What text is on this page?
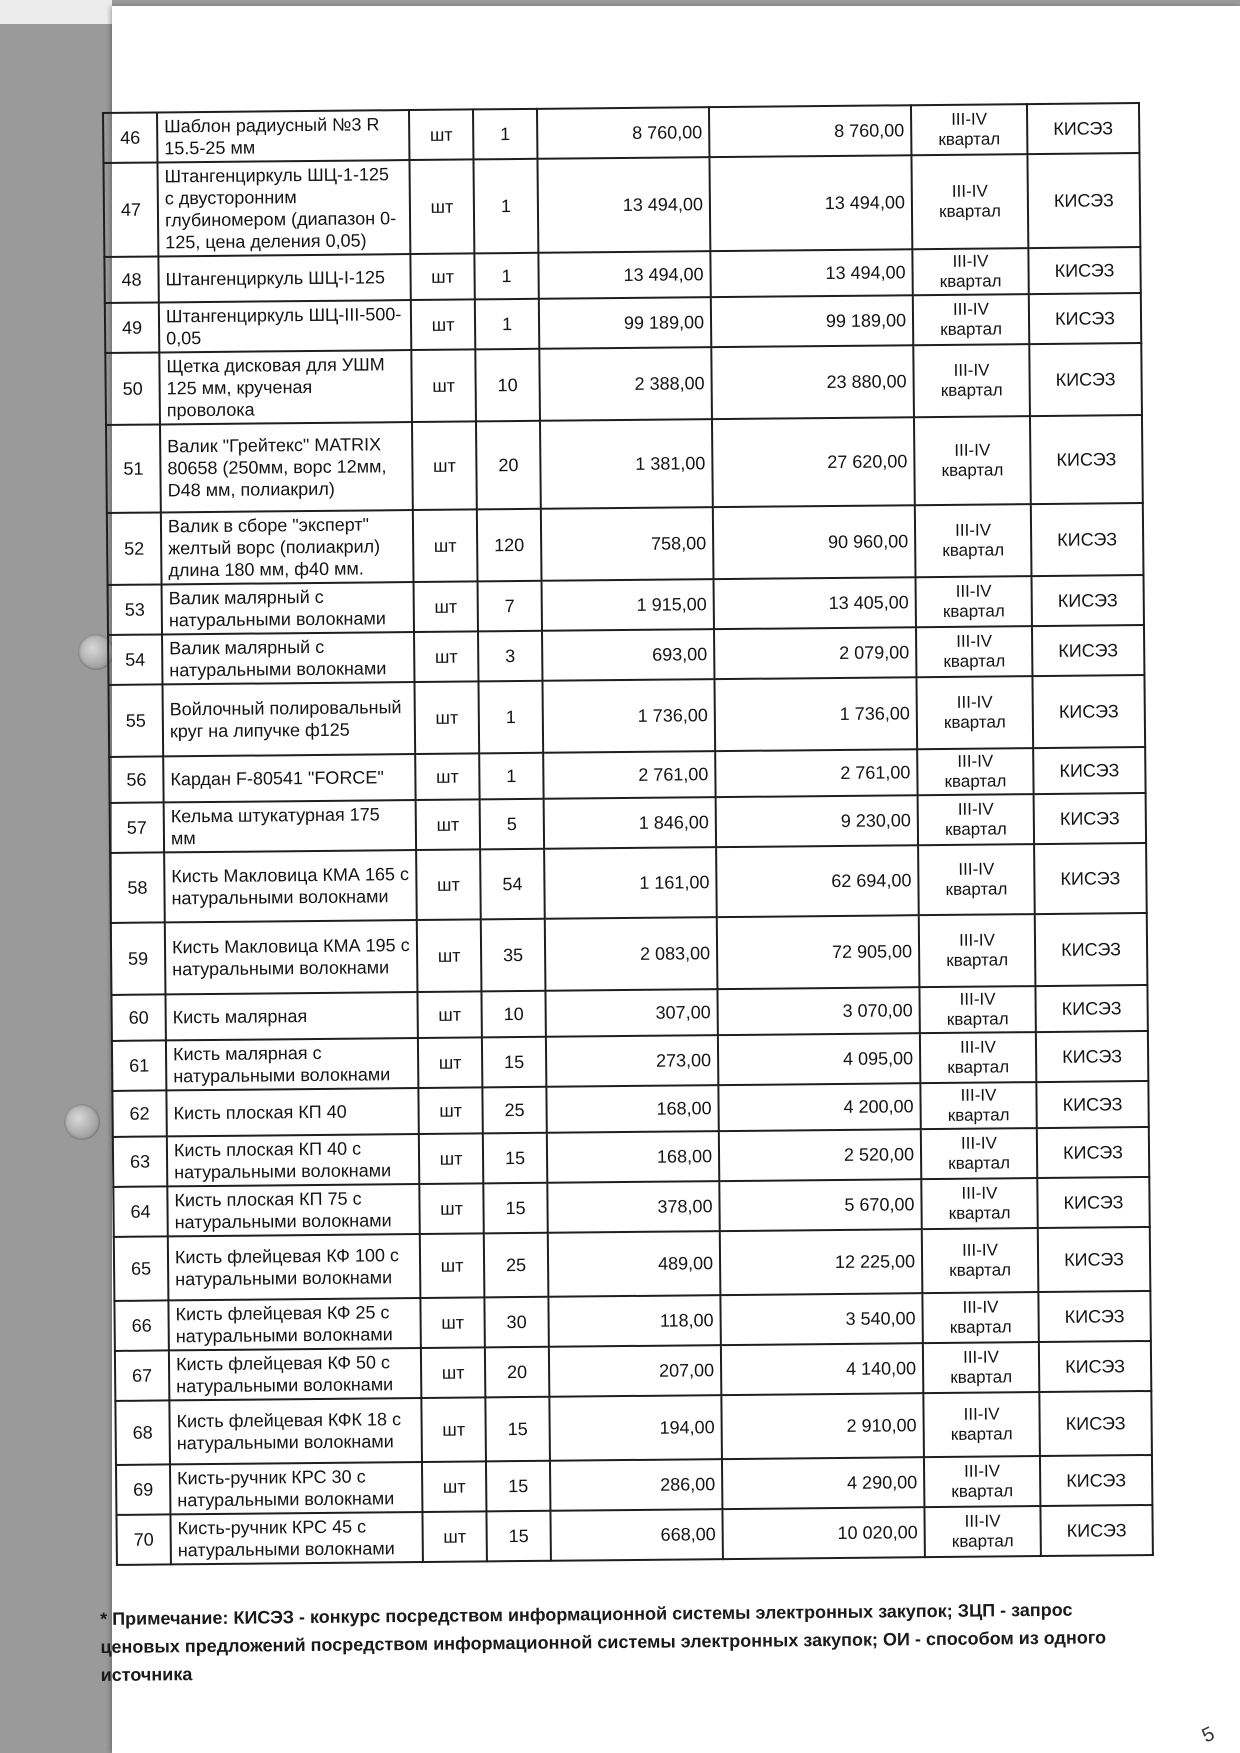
5
46	Шаблон радиусный №3 R 15.5-25 мм	шт	1	8 760,00	8 760,00	III-IV квартал	КИСЭЗ
47	Штангенциркуль ШЦ-1-125 с двусторонним глубиномером (диапазон 0-125, цена деления 0,05)	шт	1	13 494,00	13 494,00	III-IV квартал	КИСЭЗ
48	Штангенциркуль ШЦ-I-125	шт	1	13 494,00	13 494,00	III-IV квартал	КИСЭЗ
49	Штангенциркуль ШЦ-III-500-0,05	шт	1	99 189,00	99 189,00	III-IV квартал	КИСЭЗ
50	Щетка дисковая для УШМ 125 мм, крученая проволока	шт	10	2 388,00	23 880,00	III-IV квартал	КИСЭЗ
51	Валик "Грейтекс" MATRIX 80658 (250мм, ворс 12мм, D48 мм, полиакрил)	шт	20	1 381,00	27 620,00	III-IV квартал	КИСЭЗ
52	Валик в сборе "эксперт" желтый ворс (полиакрил) длина 180 мм, ф40 мм.	шт	120	758,00	90 960,00	III-IV квартал	КИСЭЗ
53	Валик малярный с натуральными волокнами	шт	7	1 915,00	13 405,00	III-IV квартал	КИСЭЗ
54	Валик малярный с натуральными волокнами	шт	3	693,00	2 079,00	III-IV квартал	КИСЭЗ
55	Войлочный полировальный круг на липучке ф125	шт	1	1 736,00	1 736,00	III-IV квартал	КИСЭЗ
56	Кардан F-80541 "FORCE"	шт	1	2 761,00	2 761,00	III-IV квартал	КИСЭЗ
57	Кельма штукатурная 175 мм	шт	5	1 846,00	9 230,00	III-IV квартал	КИСЭЗ
58	Кисть Макловица КМА 165 с натуральными волокнами	шт	54	1 161,00	62 694,00	III-IV квартал	КИСЭЗ
59	Кисть Макловица КМА 195 с натуральными волокнами	шт	35	2 083,00	72 905,00	III-IV квартал	КИСЭЗ
60	Кисть малярная	шт	10	307,00	3 070,00	III-IV квартал	КИСЭЗ
61	Кисть малярная с натуральными волокнами	шт	15	273,00	4 095,00	III-IV квартал	КИСЭЗ
62	Кисть плоская КП 40	шт	25	168,00	4 200,00	III-IV квартал	КИСЭЗ
63	Кисть плоская КП 40 с натуральными волокнами	шт	15	168,00	2 520,00	III-IV квартал	КИСЭЗ
64	Кисть плоская КП 75 с натуральными волокнами	шт	15	378,00	5 670,00	III-IV квартал	КИСЭЗ
65	Кисть флейцевая КФ 100 с натуральными волокнами	шт	25	489,00	12 225,00	III-IV квартал	КИСЭЗ
66	Кисть флейцевая КФ 25 с натуральными волокнами	шт	30	118,00	3 540,00	III-IV квартал	КИСЭЗ
67	Кисть флейцевая КФ 50 с натуральными волокнами	шт	20	207,00	4 140,00	III-IV квартал	КИСЭЗ
68	Кисть флейцевая КФК 18 с натуральными волокнами	шт	15	194,00	2 910,00	III-IV квартал	КИСЭЗ
69	Кисть-ручник КРС 30 с натуральными волокнами	шт	15	286,00	4 290,00	III-IV квартал	КИСЭЗ
70	Кисть-ручник КРС 45 с натуральными волокнами	шт	15	668,00	10 020,00	III-IV квартал	КИСЭЗ
* Примечание: КИСЭЗ - конкурс посредством информационной системы электронных закупок; ЗЦП - запрос ценовых предложений посредством информационной системы электронных закупок; ОИ - способом из одного источника
